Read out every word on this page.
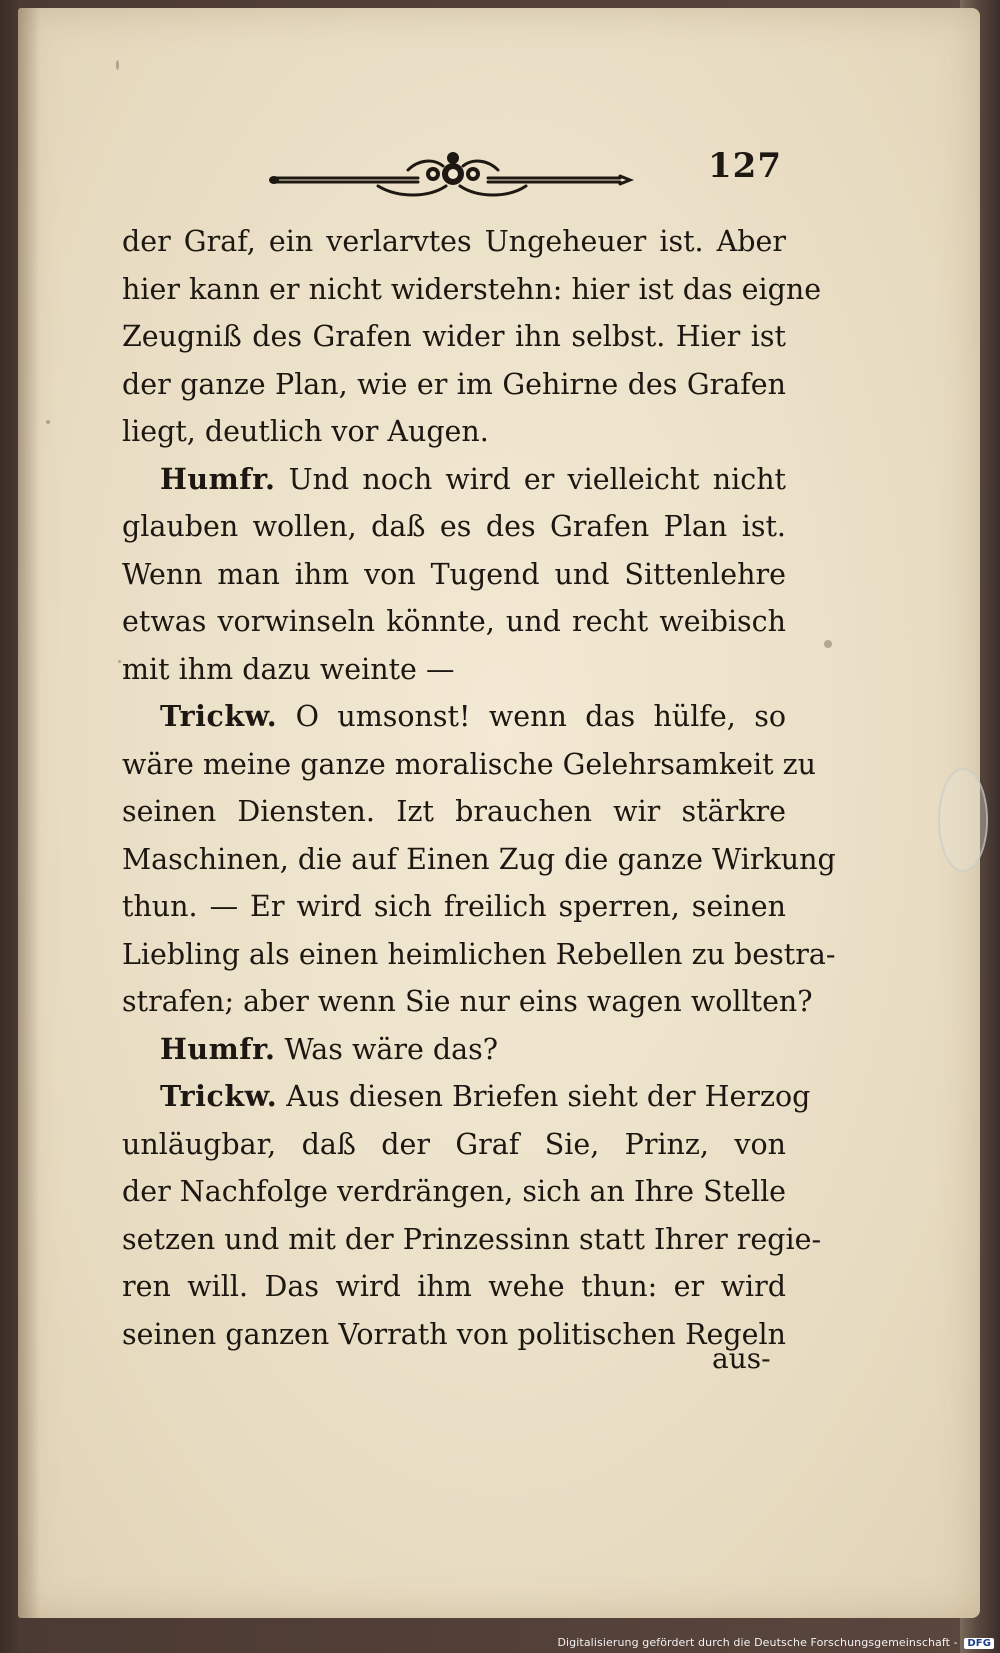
127
der Graf, ein verlarvtes Ungeheuer ist. Aber
hier kann er nicht widerstehn: hier ist das eigne
Zeugniß des Grafen wider ihn selbst. Hier ist
der ganze Plan, wie er im Gehirne des Grafen
liegt, deutlich vor Augen.
Humfr. Und noch wird er vielleicht nicht
glauben wollen, daß es des Grafen Plan ist.
Wenn man ihm von Tugend und Sittenlehre
etwas vorwinseln könnte, und recht weibisch
mit ihm dazu weinte —
Trickw. O umsonst! wenn das hülfe, so
wäre meine ganze moralische Gelehrsamkeit zu
seinen Diensten. Izt brauchen wir stärkre
Maschinen, die auf Einen Zug die ganze Wirkung
thun. — Er wird sich freilich sperren, seinen
Liebling als einen heimlichen Rebellen zu bestra-
strafen; aber wenn Sie nur eins wagen wollten?
Humfr. Was wäre das?
Trickw. Aus diesen Briefen sieht der Herzog
unläugbar, daß der Graf Sie, Prinz, von
der Nachfolge verdrängen, sich an Ihre Stelle
setzen und mit der Prinzessinn statt Ihrer regie-
ren will. Das wird ihm wehe thun: er wird
seinen ganzen Vorrath von politischen Regeln
aus-
Digitalisierung gefördert durch die Deutsche Forschungsgemeinschaft - DFG
